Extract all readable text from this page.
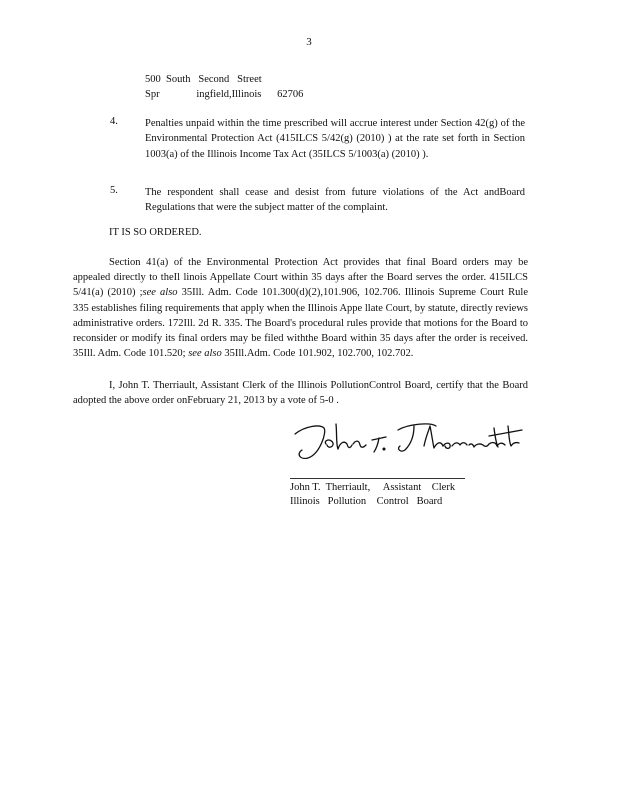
3
500  South   Second   Street
Spr              ingfield,Illinois      62706
4.	Penalties unpaid within the time prescribed will accrue interest under Section 42(g) of the Environmental Protection Act (415ILCS 5/42(g) (2010) ) at the rate set forth in Section 1003(a) of the Illinois Income Tax Act (35ILCS 5/1003(a) (2010) ).
5.	The respondent shall cease and desist from future violations of the Act andBoard Regulations that were the subject matter of the complaint.
IT IS SO ORDERED.
Section 41(a) of the Environmental Protection Act provides that final Board orders may be appealed directly to theIl linois Appellate Court within 35 days after the Board serves the order. 415ILCS 5/41(a) (2010) ;see also 35Ill. Adm. Code 101.300(d)(2),101.906, 102.706. Illinois Supreme Court Rule 335 establishes filing requirements that apply when the Illinois Appe llate Court, by statute, directly reviews administrative orders. 172Ill. 2d R. 335. The Board's procedural rules provide that motions for the Board to reconsider or modify its final orders may be filed withthe Board within 35 days after the order is received. 35Ill. Adm. Code 101.520; see also 35Ill.Adm. Code 101.902, 102.700, 102.702.
I, John T. Therriault, Assistant Clerk of the Illinois PollutionControl Board, certify that the Board adopted the above order onFebruary 21, 2013 by a vote of 5-0 .
John T.  Therriault,     Assistant    Clerk
Illinois   Pollution    Control   Board
